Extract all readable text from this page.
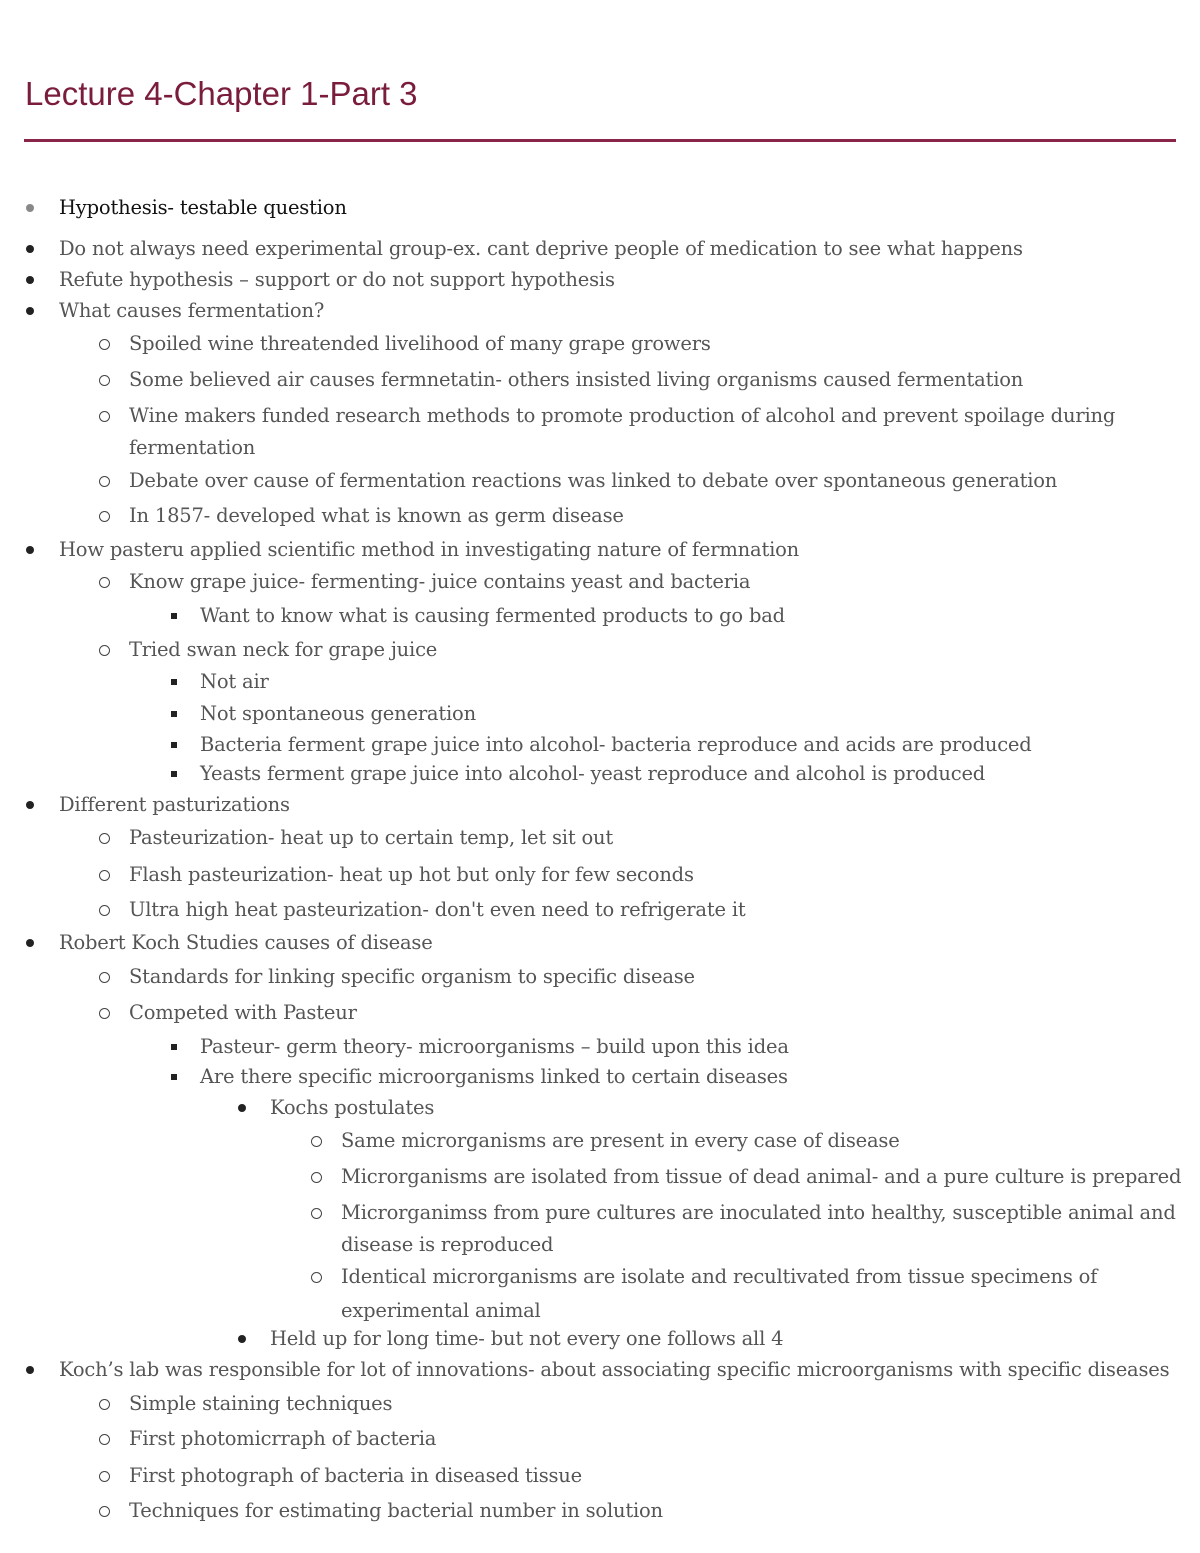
Lecture 4-Chapter 1-Part 3
Hypothesis- testable question
Do not always need experimental group-ex. cant deprive people of medication to see what happens
Refute hypothesis – support or do not support hypothesis
What causes fermentation?
Spoiled wine threatended livelihood of many grape growers
Some believed air causes fermnetatin- others insisted living organisms caused fermentation
Wine makers funded research methods to promote production of alcohol and prevent spoilage during
fermentation
Debate over cause of fermentation reactions was linked to debate over spontaneous generation
In 1857- developed what is known as germ disease
How pasteru applied scientific method in investigating nature of fermnation
Know grape juice- fermenting- juice contains yeast and bacteria
Want to know what is causing fermented products to go bad
Tried swan neck for grape juice
Not air
Not spontaneous generation
Bacteria ferment grape juice into alcohol- bacteria reproduce and acids are produced
Yeasts ferment grape juice into alcohol- yeast reproduce and alcohol is produced
Different pasturizations
Pasteurization- heat up to certain temp, let sit out
Flash pasteurization- heat up hot but only for few seconds
Ultra high heat pasteurization- don't even need to refrigerate it
Robert Koch Studies causes of disease
Standards for linking specific organism to specific disease
Competed with Pasteur
Pasteur- germ theory- microorganisms – build upon this idea
Are there specific microorganisms linked to certain diseases
Kochs postulates
Same microrganisms are present in every case of disease
Microrganisms are isolated from tissue of dead animal- and a pure culture is prepared
Microrganimss from pure cultures are inoculated into healthy, susceptible animal and
disease is reproduced
Identical microrganisms are isolate and recultivated from tissue specimens of
experimental animal
Held up for long time- but not every one follows all 4
Koch’s lab was responsible for lot of innovations- about associating specific microorganisms with specific diseases
Simple staining techniques
First photomicrraph of bacteria
First photograph of bacteria in diseased tissue
Techniques for estimating bacterial number in solution
